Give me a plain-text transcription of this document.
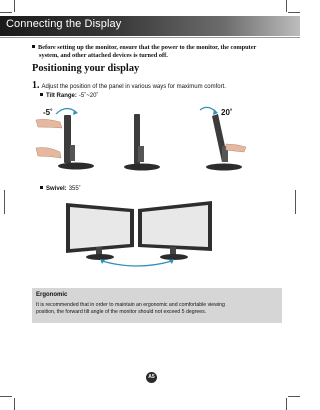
Connecting the Display
Before setting up the monitor, ensure that the power to the monitor, the computer
system, and other attached devices is turned off.
Positioning your display
1. Adjust the position of the panel in various ways for maximum comfort.
Tilt Range: -5˚~20˚
-5˚	20˚
Swivel: 355˚
Ergonomic
It is recommended that in order to maintain an ergonomic and comfortable viewing
position, the forward tilt angle of the monitor should not exceed 5 degrees.
A5
